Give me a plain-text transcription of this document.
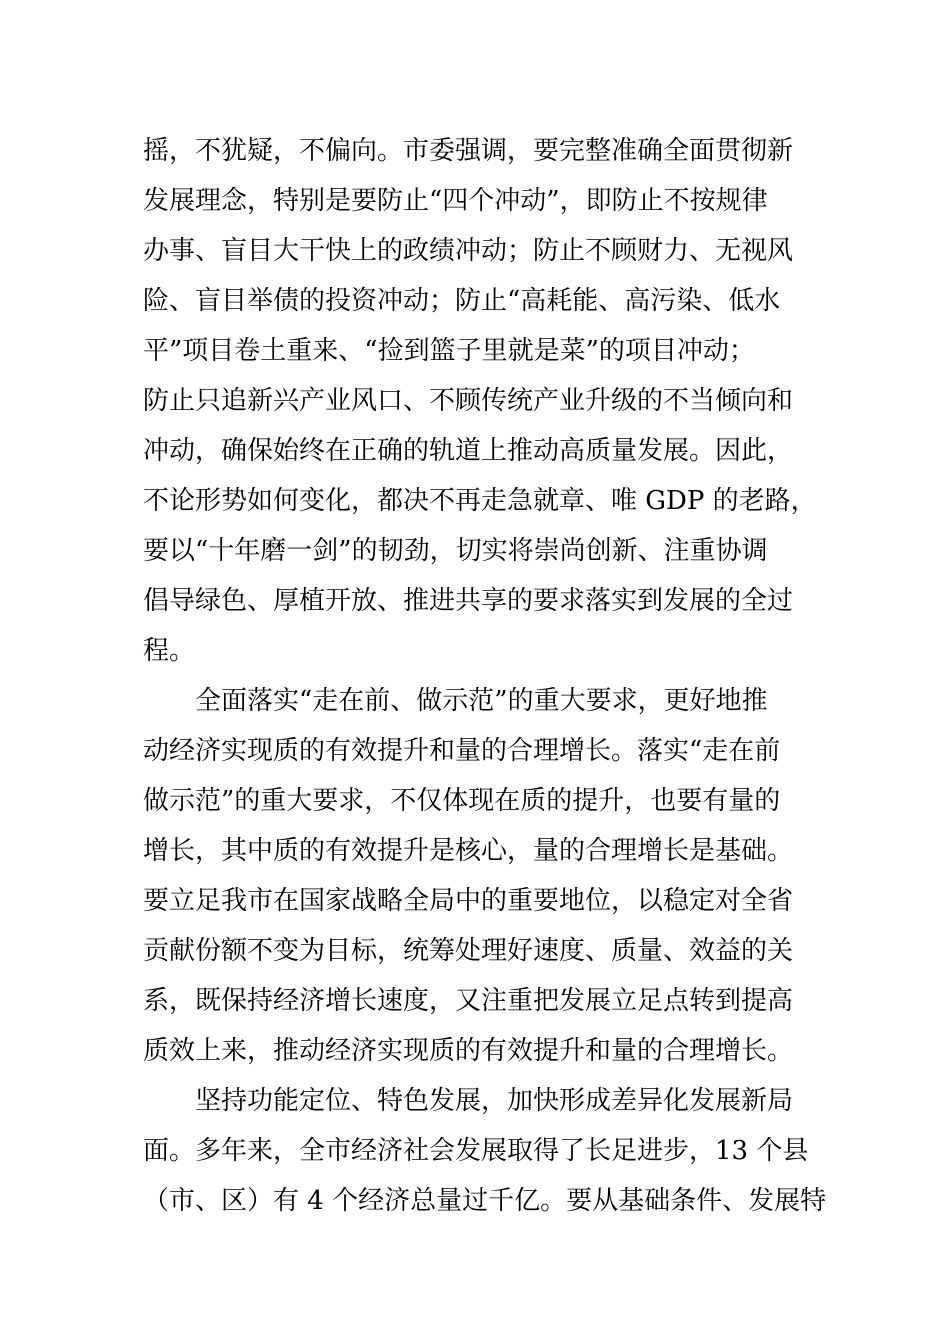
摇，不犹疑，不偏向。市委强调，要完整准确全面贯彻新
发展理念，特别是要防止“四个冲动”，即防止不按规律
办事、盲目大干快上的政绩冲动；防止不顾财力、无视风
险、盲目举债的投资冲动；防止“高耗能、高污染、低水
平”项目卷土重来、“捡到篮子里就是菜”的项目冲动；
防止只追新兴产业风口、不顾传统产业升级的不当倾向和
冲动，确保始终在正确的轨道上推动高质量发展。因此，
不论形势如何变化，都决不再走急就章、唯 GDP 的老路，
要以“十年磨一剑”的韧劲，切实将崇尚创新、注重协调
倡导绿色、厚植开放、推进共享的要求落实到发展的全过
程。
全面落实“走在前、做示范”的重大要求，更好地推
动经济实现质的有效提升和量的合理增长。落实“走在前
做示范”的重大要求，不仅体现在质的提升，也要有量的
增长，其中质的有效提升是核心，量的合理增长是基础。
要立足我市在国家战略全局中的重要地位，以稳定对全省
贡献份额不变为目标，统筹处理好速度、质量、效益的关
系，既保持经济增长速度，又注重把发展立足点转到提高
质效上来，推动经济实现质的有效提升和量的合理增长。
坚持功能定位、特色发展，加快形成差异化发展新局
面。多年来，全市经济社会发展取得了长足进步，13 个县
（市、区）有 4 个经济总量过千亿。要从基础条件、发展特
